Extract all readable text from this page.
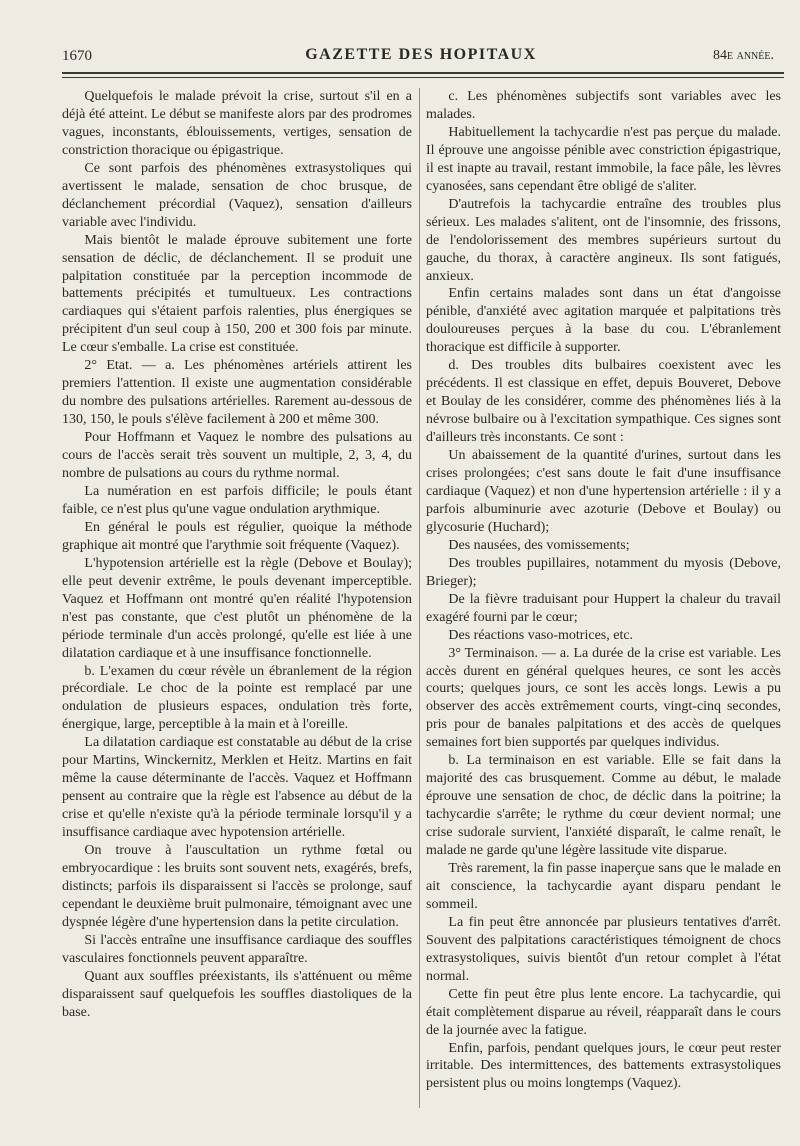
1670	GAZETTE DES HOPITAUX	84e année.

Quelquefois le malade prévoit la crise, surtout s'il en a déjà été atteint. Le début se manifeste alors par des prodromes vagues, inconstants, éblouissements, vertiges, sensation de constriction thoracique ou épigastrique.

Ce sont parfois des phénomènes extrasystoliques qui avertissent le malade, sensation de choc brusque, de déclanchement précordial (Vaquez), sensation d'ailleurs variable avec l'individu.

Mais bientôt le malade éprouve subitement une forte sensation de déclic, de déclanchement. Il se produit une palpitation constituée par la perception incommode de battements précipités et tumultueux. Les contractions cardiaques qui s'étaient parfois ralenties, plus énergiques se précipitent d'un seul coup à 150, 200 et 300 fois par minute. Le cœur s'emballe. La crise est constituée.

2° Etat. — a. Les phénomènes artériels attirent les premiers l'attention. Il existe une augmentation considérable du nombre des pulsations artérielles. Rarement au-dessous de 130, 150, le pouls s'élève facilement à 200 et même 300.

Pour Hoffmann et Vaquez le nombre des pulsations au cours de l'accès serait très souvent un multiple, 2, 3, 4, du nombre de pulsations au cours du rythme normal.

La numération en est parfois difficile; le pouls étant faible, ce n'est plus qu'une vague ondulation arythmique.

En général le pouls est régulier, quoique la méthode graphique ait montré que l'arythmie soit fréquente (Vaquez).

L'hypotension artérielle est la règle (Debove et Boulay); elle peut devenir extrême, le pouls devenant imperceptible. Vaquez et Hoffmann ont montré qu'en réalité l'hypotension n'est pas constante, que c'est plutôt un phénomène de la période terminale d'un accès prolongé, qu'elle est liée à une dilatation cardiaque et à une insuffisance fonctionnelle.

b. L'examen du cœur révèle un ébranlement de la région précordiale. Le choc de la pointe est remplacé par une ondulation de plusieurs espaces, ondulation très forte, énergique, large, perceptible à la main et à l'oreille.

La dilatation cardiaque est constatable au début de la crise pour Martins, Winckernitz, Merklen et Heitz. Martins en fait même la cause déterminante de l'accès. Vaquez et Hoffmann pensent au contraire que la règle est l'absence au début de la crise et qu'elle n'existe qu'à la période terminale lorsqu'il y a insuffisance cardiaque avec hypotension artérielle.

On trouve à l'auscultation un rythme fœtal ou embryocardique : les bruits sont souvent nets, exagérés, brefs, distincts; parfois ils disparaissent si l'accès se prolonge, sauf cependant le deuxième bruit pulmonaire, témoignant avec une dyspnée légère d'une hypertension dans la petite circulation.

Si l'accès entraîne une insuffisance cardiaque des souffles vasculaires fonctionnels peuvent apparaître.

Quant aux souffles préexistants, ils s'atténuent ou même disparaissent sauf quelquefois les souffles diastoliques de la base.

c. Les phénomènes subjectifs sont variables avec les malades.

Habituellement la tachycardie n'est pas perçue du malade. Il éprouve une angoisse pénible avec constriction épigastrique, il est inapte au travail, restant immobile, la face pâle, les lèvres cyanosées, sans cependant être obligé de s'aliter.

D'autrefois la tachycardie entraîne des troubles plus sérieux. Les malades s'alitent, ont de l'insomnie, des frissons, de l'endolorissement des membres supérieurs surtout du gauche, du thorax, à caractère angineux. Ils sont fatigués, anxieux.

Enfin certains malades sont dans un état d'angoisse pénible, d'anxiété avec agitation marquée et palpitations très douloureuses perçues à la base du cou. L'ébranlement thoracique est difficile à supporter.

d. Des troubles dits bulbaires coexistent avec les précédents. Il est classique en effet, depuis Bouveret, Debove et Boulay de les considérer, comme des phénomènes liés à la névrose bulbaire ou à l'excitation sympathique. Ces signes sont d'ailleurs très inconstants. Ce sont :

Un abaissement de la quantité d'urines, surtout dans les crises prolongées; c'est sans doute le fait d'une insuffisance cardiaque (Vaquez) et non d'une hypertension artérielle : il y a parfois albuminurie avec azoturie (Debove et Boulay) ou glycosurie (Huchard);

Des nausées, des vomissements;

Des troubles pupillaires, notamment du myosis (Debove, Brieger);

De la fièvre traduisant pour Huppert la chaleur du travail exagéré fourni par le cœur;

Des réactions vaso-motrices, etc.

3° Terminaison. — a. La durée de la crise est variable. Les accès durent en général quelques heures, ce sont les accès courts; quelques jours, ce sont les accès longs. Lewis a pu observer des accès extrêmement courts, vingt-cinq secondes, pris pour de banales palpitations et des accès de quelques semaines fort bien supportés par quelques individus.

b. La terminaison en est variable. Elle se fait dans la majorité des cas brusquement. Comme au début, le malade éprouve une sensation de choc, de déclic dans la poitrine; la tachycardie s'arrête; le rythme du cœur devient normal; une crise sudorale survient, l'anxiété disparaît, le calme renaît, le malade ne garde qu'une légère lassitude vite disparue.

Très rarement, la fin passe inaperçue sans que le malade en ait conscience, la tachycardie ayant disparu pendant le sommeil.

La fin peut être annoncée par plusieurs tentatives d'arrêt. Souvent des palpitations caractéristiques témoignent de chocs extrasystoliques, suivis bientôt d'un retour complet à l'état normal.

Cette fin peut être plus lente encore. La tachycardie, qui était complètement disparue au réveil, réapparaît dans le cours de la journée avec la fatigue.

Enfin, parfois, pendant quelques jours, le cœur peut rester irritable. Des intermittences, des battements extrasystoliques persistent plus ou moins longtemps (Vaquez).
